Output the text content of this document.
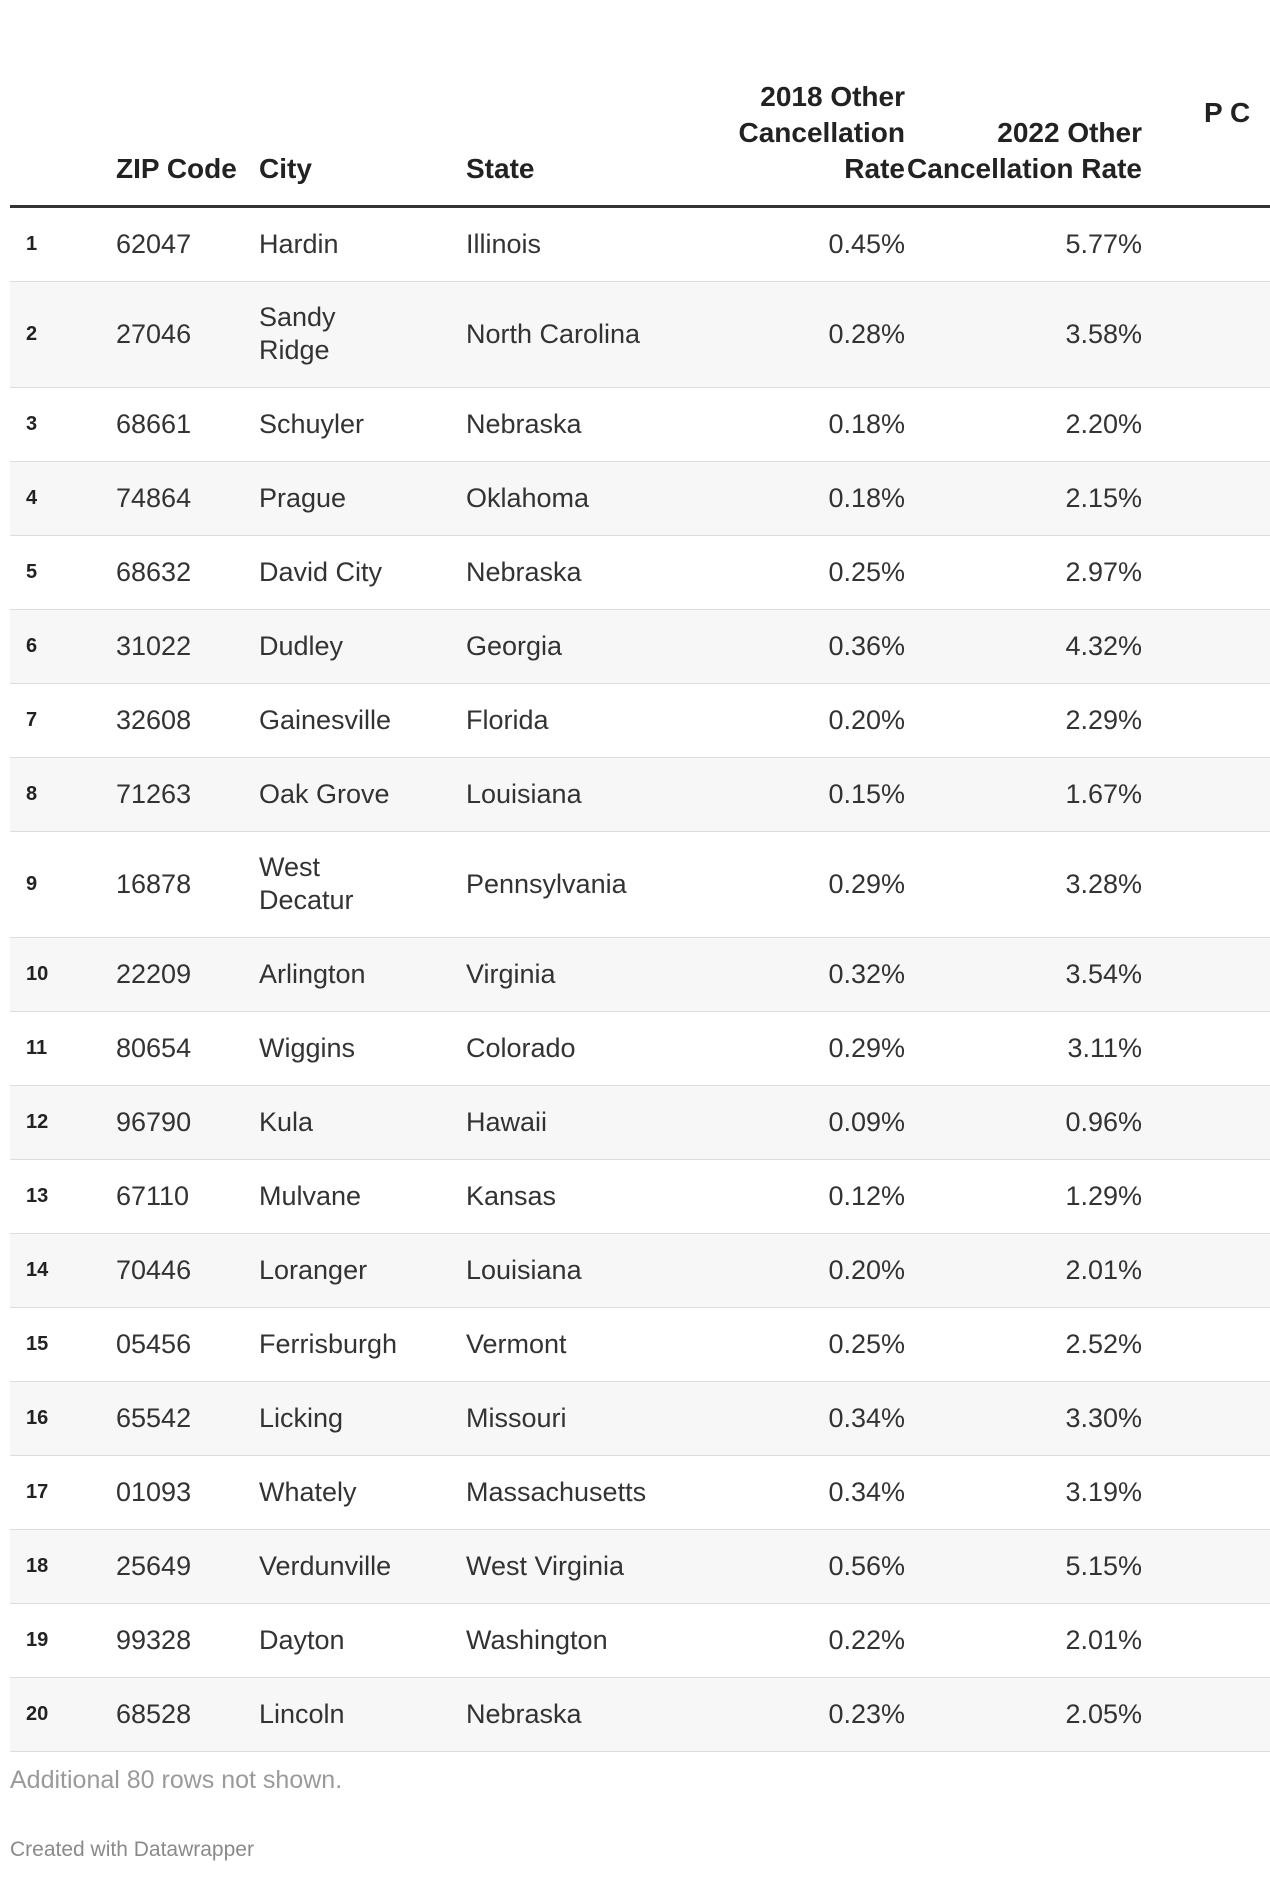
	ZIP Code	City	State	2018 Other Cancellation Rate	2022 Other Cancellation Rate	P C

1	62047	Hardin	Illinois	0.45%	5.77%	
2	27046	Sandy Ridge	North Carolina	0.28%	3.58%	
3	68661	Schuyler	Nebraska	0.18%	2.20%	
4	74864	Prague	Oklahoma	0.18%	2.15%	
5	68632	David City	Nebraska	0.25%	2.97%	
6	31022	Dudley	Georgia	0.36%	4.32%	
7	32608	Gainesville	Florida	0.20%	2.29%	
8	71263	Oak Grove	Louisiana	0.15%	1.67%	
9	16878	West Decatur	Pennsylvania	0.29%	3.28%	
10	22209	Arlington	Virginia	0.32%	3.54%	
11	80654	Wiggins	Colorado	0.29%	3.11%	
12	96790	Kula	Hawaii	0.09%	0.96%	
13	67110	Mulvane	Kansas	0.12%	1.29%	
14	70446	Loranger	Louisiana	0.20%	2.01%	
15	05456	Ferrisburgh	Vermont	0.25%	2.52%	
16	65542	Licking	Missouri	0.34%	3.30%	
17	01093	Whately	Massachusetts	0.34%	3.19%	
18	25649	Verdunville	West Virginia	0.56%	5.15%	
19	99328	Dayton	Washington	0.22%	2.01%	
20	68528	Lincoln	Nebraska	0.23%	2.05%	
Additional 80 rows not shown.
Created with Datawrapper
